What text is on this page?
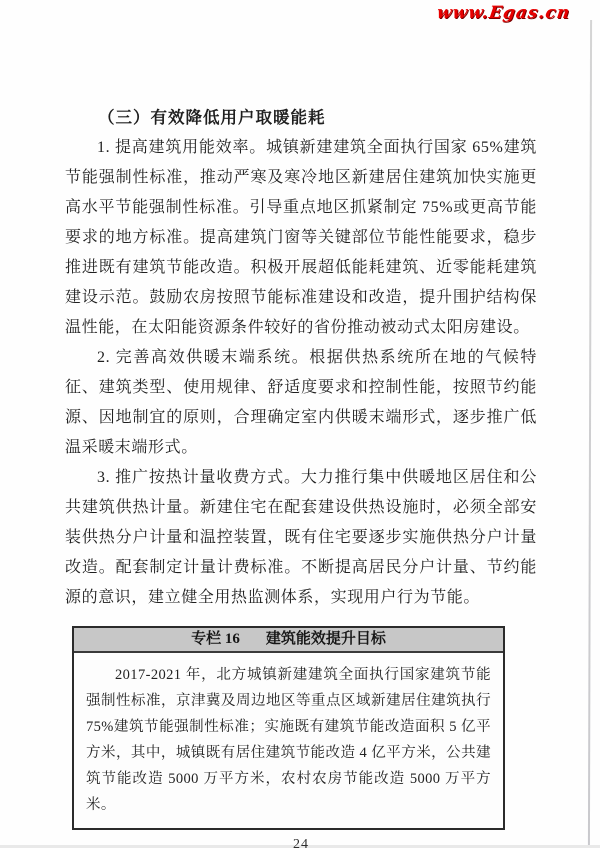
www.Egas.cn
（三）有效降低用户取暖能耗

1. 提高建筑用能效率。城镇新建建筑全面执行国家 65%建筑节能强制性标准，推动严寒及寒冷地区新建居住建筑加快实施更高水平节能强制性标准。引导重点地区抓紧制定 75%或更高节能要求的地方标准。提高建筑门窗等关键部位节能性能要求，稳步推进既有建筑节能改造。积极开展超低能耗建筑、近零能耗建筑建设示范。鼓励农房按照节能标准建设和改造，提升围护结构保温性能，在太阳能资源条件较好的省份推动被动式太阳房建设。

2. 完善高效供暖末端系统。根据供热系统所在地的气候特征、建筑类型、使用规律、舒适度要求和控制性能，按照节约能源、因地制宜的原则，合理确定室内供暖末端形式，逐步推广低温采暖末端形式。

3. 推广按热计量收费方式。大力推行集中供暖地区居住和公共建筑供热计量。新建住宅在配套建设供热设施时，必须全部安装供热分户计量和温控装置，既有住宅要逐步实施供热分户计量改造。配套制定计量计费标准。不断提高居民分户计量、节约能源的意识，建立健全用热监测体系，实现用户行为节能。

专栏 16 建筑能效提升目标

2017-2021 年，北方城镇新建建筑全面执行国家建筑节能强制性标准，京津冀及周边地区等重点区域新建居住建筑执行 75%建筑节能强制性标准；实施既有建筑节能改造面积 5 亿平方米，其中，城镇既有居住建筑节能改造 4 亿平方米，公共建筑节能改造 5000 万平方米，农村农房节能改造 5000 万平方米。

24
